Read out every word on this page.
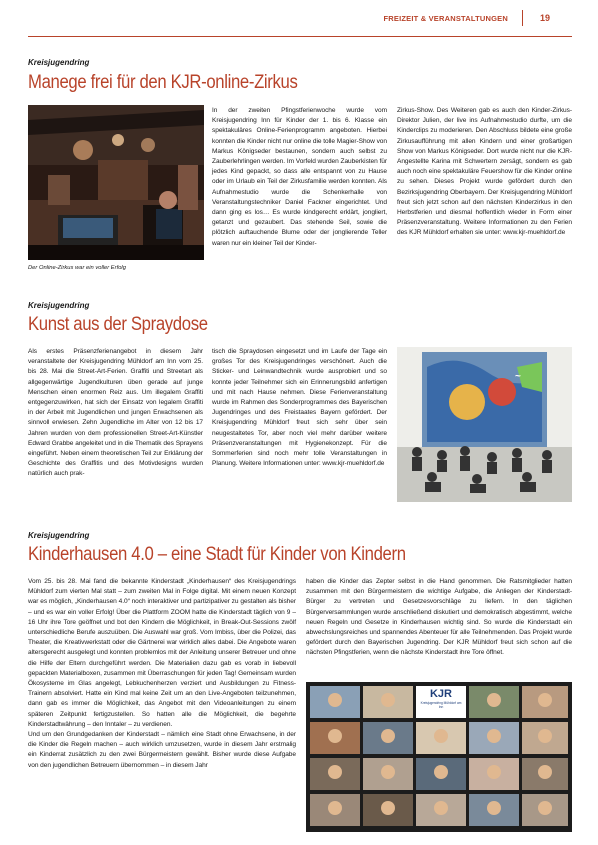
FREIZEIT & VERANSTALTUNGEN	19
Kreisjugendring
Manege frei für den KJR-online-Zirkus
Der Online-Zirkus war ein voller Erfolg

In der zweiten Pfingstferienwoche wurde vom Kreisjugendring Inn für Kinder der 1. bis 6. Klasse ein spektakuläres Online-Ferienprogramm angeboten. Hierbei konnten die Kinder nicht nur online die tolle Magier-Show von Markus Königseder bestaunen, sondern auch selbst zu Zauberlehrlingen werden. Im Vorfeld wurden Zauberkisten für jedes Kind gepackt, so dass alle entspannt von zu Hause oder im Urlaub ein Teil der Zirkusfamilie werden konnten. Als Aufnahmestudio wurde die Schenkerhalle von Veranstaltungstechniker Daniel Fackner eingerichtet. Und dann ging es los… Es wurde kindgerecht erklärt, jongliert, getanzt und gezaubert. Das stehende Seil, sowie die plötzlich auftauchende Blume oder der jonglierende Teller waren nur ein kleiner Teil der Kinder-

Zirkus-Show. Des Weiteren gab es auch den Kinder-Zirkus-Direktor Julien, der live ins Aufnahmestudio durfte, um die Kinderclips zu moderieren. Den Abschluss bildete eine große Zirkusaufführung mit allen Kindern und einer großartigen Show von Markus Königseder. Dort wurde nicht nur die KJR-Angestellte Karina mit Schwertern zersägt, sondern es gab auch noch eine spektakuläre Feuershow für die Kinder online zu sehen. Dieses Projekt wurde gefördert durch den Bezirksjugendring Oberbayern. Der Kreisjugendring Mühldorf freut sich jetzt schon auf den nächsten Kinderzirkus in den Herbstferien und diesmal hoffentlich wieder in Form einer Präsenzveranstaltung. Weitere Informationen zu den Ferien des KJR Mühldorf erhalten sie unter: www.kjr-muehldorf.de

Kreisjugendring
Kunst aus der Spraydose

Als erstes Präsenzferienangebot in diesem Jahr veranstaltete der Kreisjugendring Mühldorf am Inn vom 25. bis 28. Mai die Street-Art-Ferien. Graffiti und Streetart als allgegenwärtige Jugendkulturen üben gerade auf junge Menschen einen enormen Reiz aus. Um illegalem Graffiti entgegenzuwirken, hat sich der Einsatz von legalem Graffiti in der Arbeit mit Jugendlichen und jungen Erwachsenen als sinnvoll erwiesen. Zehn Jugendliche im Alter von 12 bis 17 Jahren wurden von dem professionellen Street-Art-Künstler Edward Grabbe angeleitet und in die Thematik des Sprayens eingeführt. Neben einem theoretischen Teil zur Erklärung der Geschichte des Graffitis und des Motivdesigns wurden natürlich auch prak-

tisch die Spraydosen eingesetzt und im Laufe der Tage ein großes Tor des Kreisjugendringes verschönert. Auch die Sticker- und Leinwandtechnik wurde ausprobiert und so konnte jeder Teilnehmer sich ein Erinnerungsbild anfertigen und mit nach Hause nehmen. Diese Ferienveranstaltung wurde im Rahmen des Sonderprogrammes des Bayerischen Jugendringes und des Freistaates Bayern gefördert. Der Kreisjugendring Mühldorf freut sich sehr über sein neugestaltetes Tor, aber noch viel mehr darüber weitere Präsenzveranstaltungen mit Hygienekonzept. Für die Sommerferien sind noch mehr tolle Veranstaltungen in Planung. Weitere Informationen unter: www.kjr-muehldorf.de

~
Kreisjugendring
Kinderhausen 4.0 – eine Stadt für Kinder von Kindern

Vom 25. bis 28. Mai fand die bekannte Kinderstadt „Kinderhausen“ des Kreisjugendrings Mühldorf zum vierten Mal statt – zum zweiten Mal in Folge digital. Mit einem neuen Konzept war es möglich, „Kinderhausen 4.0“ noch interaktiver und partizipativer zu gestalten als bisher – und es war ein voller Erfolg! Über die Plattform ZOOM hatte die Kinderstadt täglich von 9 – 16 Uhr ihre Tore geöffnet und bot den Kindern die Möglichkeit, in Break-Out-Sessions zwölf unterschiedliche Berufe auszuüben. Die Auswahl war groß. Vom Imbiss, über die Polizei, das Theater, die Kreativwerkstatt oder die Gärtnerei war wirklich alles dabei. Die Angebote waren altersgerecht ausgelegt und konnten problemlos mit der Anleitung unserer Betreuer und ohne die Hilfe der Eltern durchgeführt werden. Die Materialien dazu gab es vorab in liebevoll gepackten Materialboxen, zusammen mit Überraschungen für jeden Tag! Gemeinsam wurden Ökosysteme im Glas angelegt, Lebkuchenherzen verziert und Ausbildungen zu Fitness-Trainern absolviert. Hatte ein Kind mal keine Zeit um an den Live-Angeboten teilzunehmen, dann gab es immer die Möglichkeit, das Angebot mit den Videoanleitungen zu einem späteren Zeitpunkt fertigzustellen. So hatten alle die Möglichkeit, die begehrte Kinderstadtwährung – den Inntaler – zu verdienen.

Und um den Grundgedanken der Kinderstadt – nämlich eine Stadt ohne Erwachsene, in der die Kinder die Regeln machen – auch wirklich umzusetzen, wurde in diesem Jahr erstmalig ein Kinderrat zusätzlich zu den zwei Bürgermeistern gewählt. Bisher wurde diese Aufgabe von den jugendlichen Betreuern übernommen – in diesem Jahr

haben die Kinder das Zepter selbst in die Hand genommen. Die Ratsmitglieder hatten zusammen mit den Bürgermeistern die wichtige Aufgabe, die Anliegen der Kinderstadt-Bürger zu vertreten und Gesetzesvorschläge zu liefern. In den täglichen Bürgerversammlungen wurde anschließend diskutiert und demokratisch abgestimmt, welche neuen Regeln und Gesetze in Kinderhausen wichtig sind. So wurde die Kinderstadt ein abwechslungsreiches und spannendes Abenteuer für alle Teilnehmenden. Das Projekt wurde gefördert durch den Bayerischen Jugendring. Der KJR Mühldorf freut sich schon auf die nächsten Pfingstferien, wenn die nächste Kinderstadt ihre Tore öffnet.

KJR
Kreisjugendring Mühldorf am Inn
